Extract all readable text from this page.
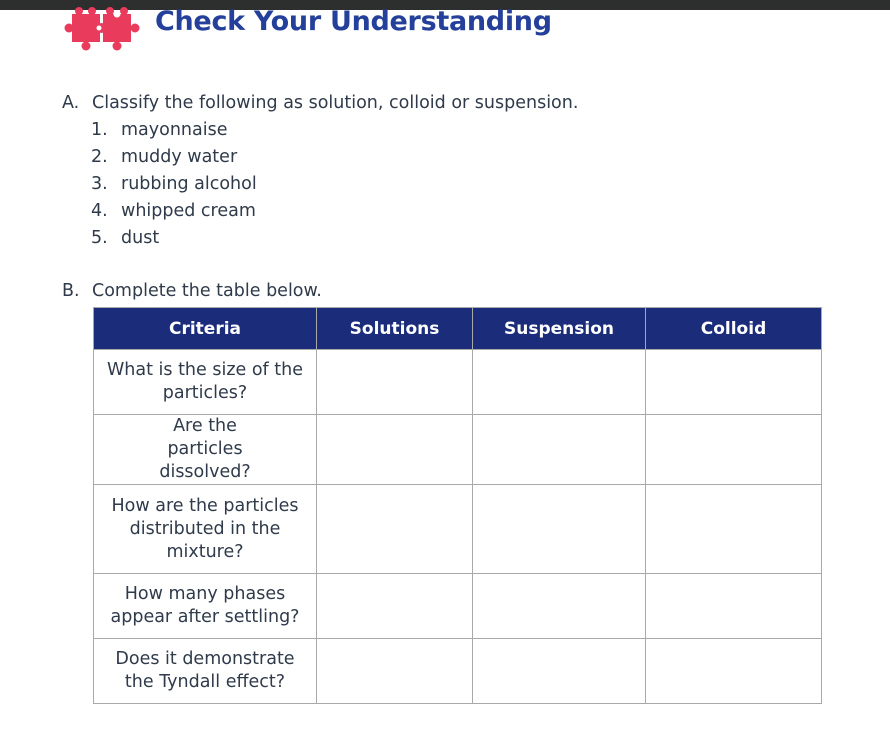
Check Your Understanding
A. Classify the following as solution, colloid or suspension.
1. mayonnaise
2. muddy water
3. rubbing alcohol
4. whipped cream
5. dust
B. Complete the table below.
Criteria	Solutions	Suspension	Colloid
What is the size of the particles?			
Are the particles dissolved?			
How are the particles distributed in the mixture?			
How many phases appear after settling?			
Does it demonstrate the Tyndall effect?			
